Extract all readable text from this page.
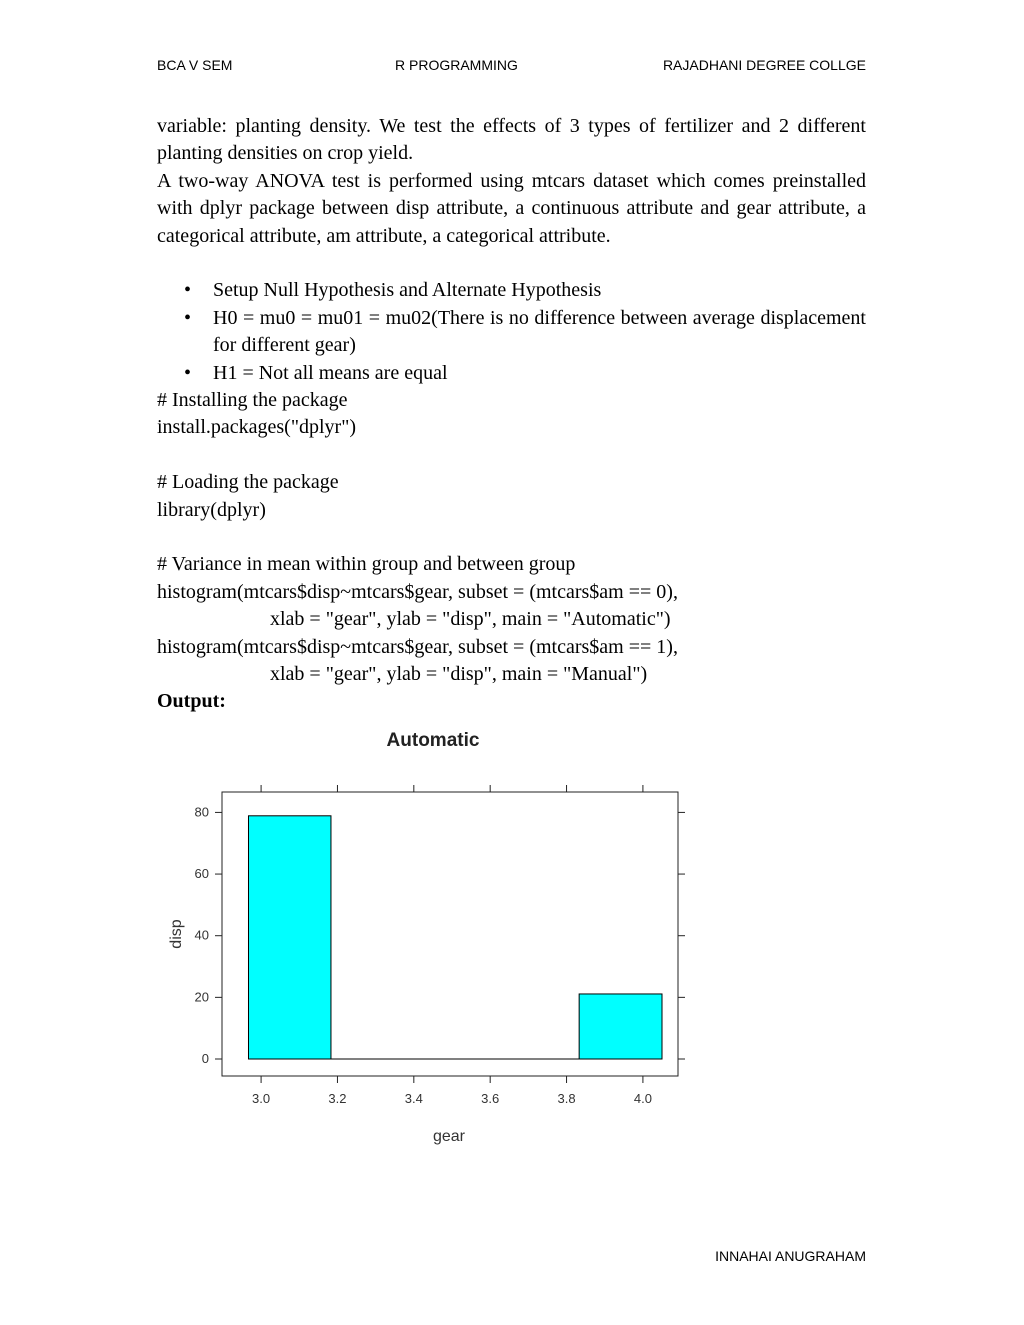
BCA V SEM	R PROGRAMMING	RAJADHANI DEGREE COLLGE

variable: planting density. We test the effects of 3 types of fertilizer and 2 different planting densities on crop yield.

A two-way ANOVA test is performed using mtcars dataset which comes preinstalled with dplyr package between disp attribute, a continuous attribute and gear attribute, a categorical attribute, am attribute, a categorical attribute.

• Setup Null Hypothesis and Alternate Hypothesis
• H0 = mu0 = mu01 = mu02(There is no difference between average displacement for different gear)
• H1 = Not all means are equal

# Installing the package

install.packages("dplyr")

# Loading the package

library(dplyr)

# Variance in mean within group and between group

histogram(mtcars$disp~mtcars$gear, subset = (mtcars$am == 0),

xlab = "gear", ylab = "disp", main = "Automatic")

histogram(mtcars$disp~mtcars$gear, subset = (mtcars$am == 1),

xlab = "gear", ylab = "disp", main = "Manual")

Output:

Automatic
3.0	3.2	3.4	3.6	3.8	4.0
0
20
40
60
80
gear
disp
INNAHAI ANUGRAHAM
